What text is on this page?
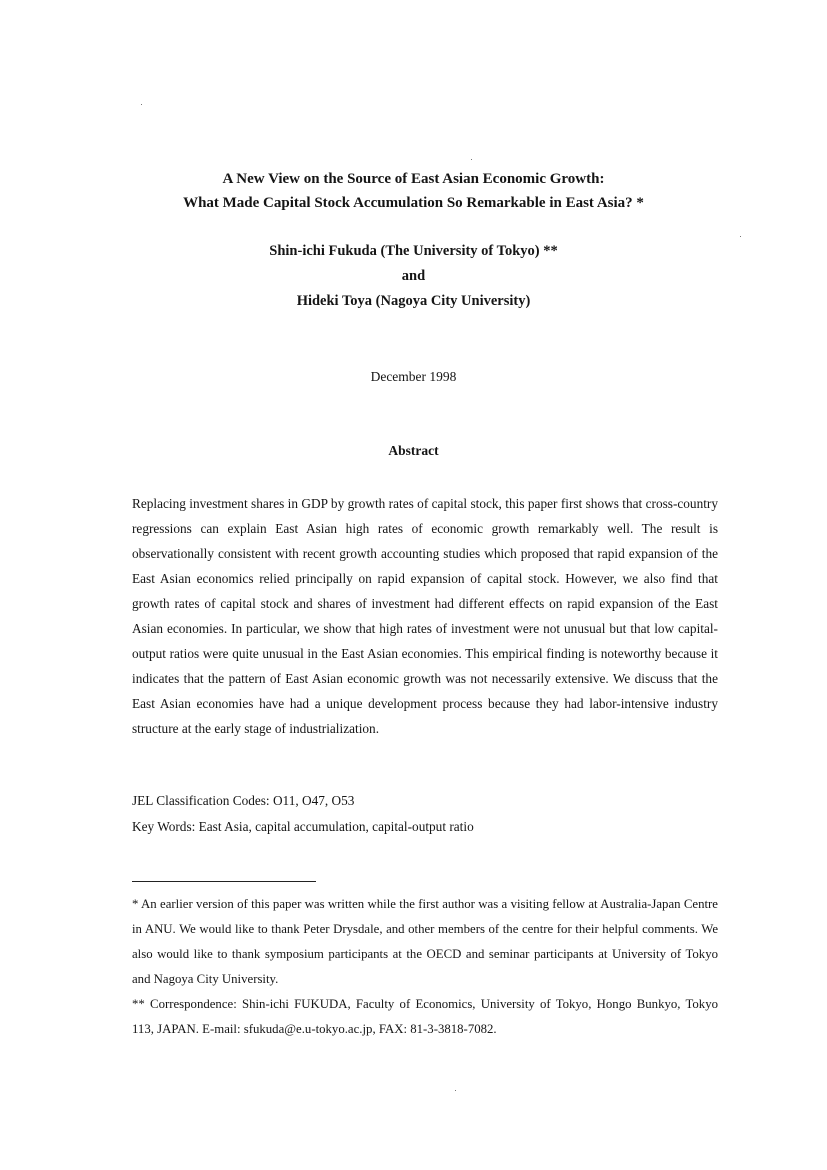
A New View on the Source of East Asian Economic Growth:
What Made Capital Stock Accumulation So Remarkable in East Asia? *
Shin-ichi Fukuda (The University of Tokyo) **
and
Hideki Toya (Nagoya City University)
December 1998
Abstract
Replacing investment shares in GDP by growth rates of capital stock, this paper first shows that cross-country regressions can explain East Asian high rates of economic growth remarkably well. The result is observationally consistent with recent growth accounting studies which proposed that rapid expansion of the East Asian economics relied principally on rapid expansion of capital stock. However, we also find that growth rates of capital stock and shares of investment had different effects on rapid expansion of the East Asian economies. In particular, we show that high rates of investment were not unusual but that low capital-output ratios were quite unusual in the East Asian economies. This empirical finding is noteworthy because it indicates that the pattern of East Asian economic growth was not necessarily extensive. We discuss that the East Asian economies have had a unique development process because they had labor-intensive industry structure at the early stage of industrialization.
JEL Classification Codes: O11, O47, O53
Key Words: East Asia, capital accumulation, capital-output ratio

* An earlier version of this paper was written while the first author was a visiting fellow at Australia-Japan Centre in ANU. We would like to thank Peter Drysdale, and other members of the centre for their helpful comments. We also would like to thank symposium participants at the OECD and seminar participants at University of Tokyo and Nagoya City University.

** Correspondence: Shin-ichi FUKUDA, Faculty of Economics, University of Tokyo, Hongo Bunkyo, Tokyo 113, JAPAN. E-mail: sfukuda@e.u-tokyo.ac.jp, FAX: 81-3-3818-7082.
